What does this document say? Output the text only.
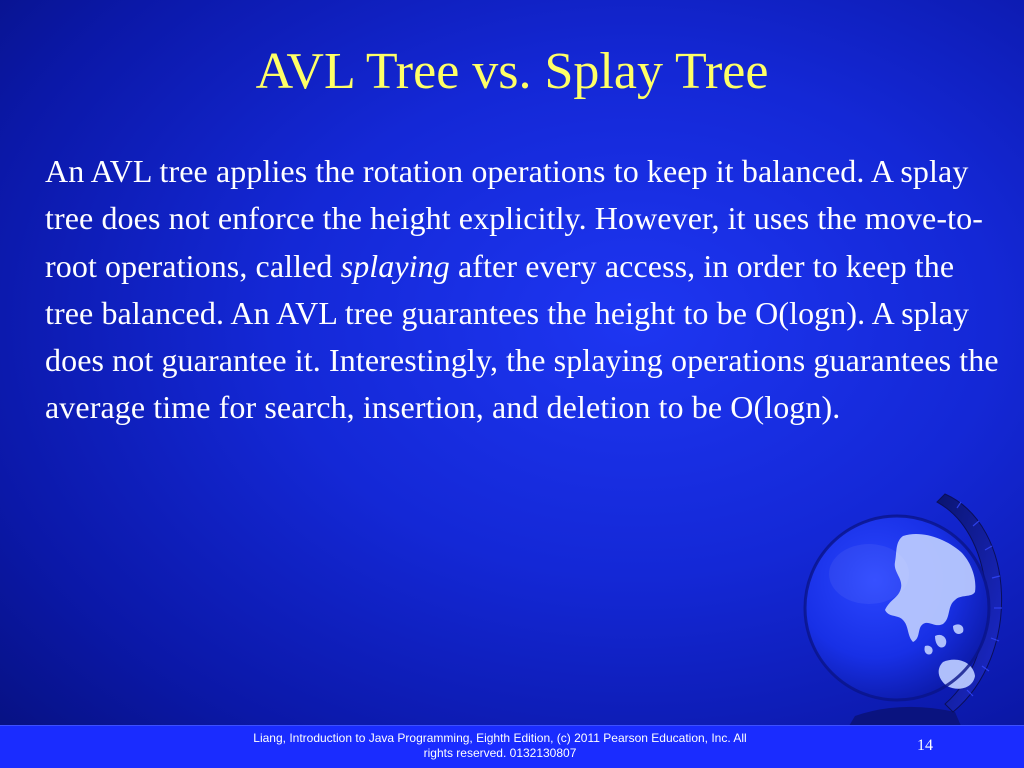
AVL Tree vs. Splay Tree

An AVL tree applies the rotation operations to keep it balanced. A splay tree does not enforce the height explicitly. However, it uses the move-to-root operations, called splaying after every access, in order to keep the tree balanced. An AVL tree guarantees the height to be O(logn). A splay does not guarantee it. Interestingly, the splaying operations guarantees the average time for search, insertion, and deletion to be O(logn).

Liang, Introduction to Java Programming, Eighth Edition, (c) 2011 Pearson Education, Inc. All
rights reserved. 0132130807	14
